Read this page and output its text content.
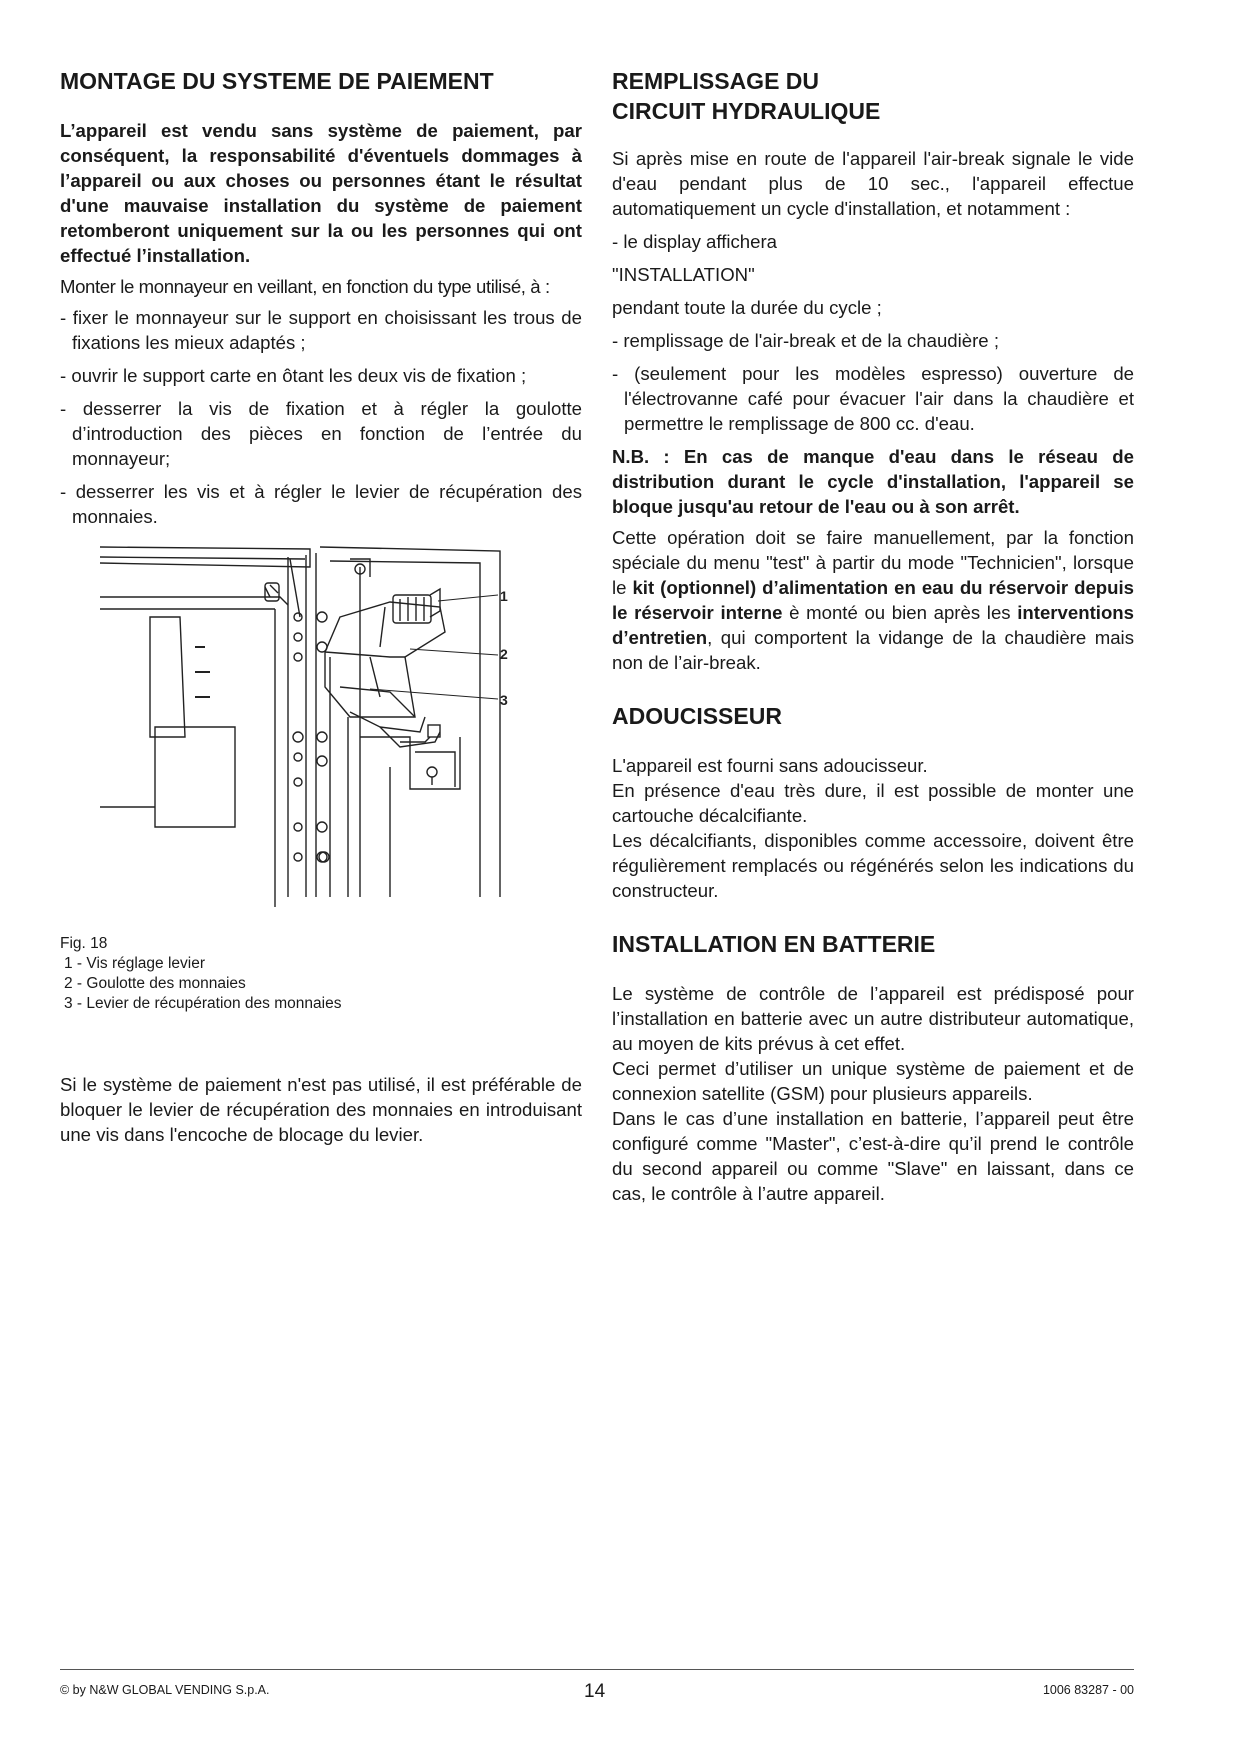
MONTAGE DU SYSTEME DE PAIEMENT

L’appareil est vendu sans système de paiement, par conséquent, la responsabilité d'éventuels dommages à l’appareil ou aux choses ou personnes étant le résultat d'une mauvaise installation du système de paiement retomberont uniquement sur la ou les personnes qui ont effectué l’installation.

Monter le monnayeur en veillant, en fonction du type utilisé, à :

- fixer le monnayeur sur le support en choisissant les trous de fixations les mieux adaptés ;
- ouvrir le support carte en ôtant les deux vis de fixation ;
- desserrer la vis de fixation et à régler la goulotte d’introduction des pièces en fonction de l’entrée du monnayeur;
- desserrer les vis et à régler le levier de récupération des monnaies.
1
2
3
Fig. 18
1 - Vis réglage levier
2 - Goulotte des monnaies
3 - Levier de récupération des monnaies

Si le système de paiement n'est pas utilisé, il est préférable de bloquer le levier de récupération des monnaies en introduisant une vis dans l'encoche de blocage du levier.

REMPLISSAGE DU
CIRCUIT HYDRAULIQUE

Si après mise en route de l'appareil l'air-break signale le vide d'eau pendant plus de 10 sec., l'appareil effectue automatiquement un cycle d'installation, et notamment :

- le display affichera

"INSTALLATION"

pendant toute la durée du cycle ;

- remplissage de l'air-break et de la chaudière ;

- (seulement pour les modèles espresso) ouverture de l'électrovanne café pour évacuer l'air dans la chaudière et permettre le remplissage de 800 cc. d'eau.

N.B. : En cas de manque d'eau dans le réseau de distribution durant le cycle d'installation, l'appareil se bloque jusqu'au retour de l'eau ou à son arrêt.

Cette opération doit se faire manuellement, par la fonction spéciale du menu "test" à partir du mode "Technicien", lorsque le kit (optionnel) d’alimentation en eau du réservoir depuis le réservoir interne è monté ou bien après les interventions d’entretien, qui comportent la vidange de la chaudière mais non de l’air-break.

ADOUCISSEUR

L'appareil est fourni sans adoucisseur.

En présence d'eau très dure, il est possible de monter une cartouche décalcifiante.

Les décalcifiants, disponibles comme accessoire, doivent être régulièrement remplacés ou régénérés selon les indications du constructeur.

INSTALLATION EN BATTERIE

Le système de contrôle de l’appareil est prédisposé pour l’installation en batterie avec un autre distributeur automatique, au moyen de kits prévus à cet effet.

Ceci permet d’utiliser un unique système de paiement et de connexion satellite (GSM) pour plusieurs appareils.

Dans le cas d’une installation en batterie, l’appareil peut être configuré comme "Master", c’est-à-dire qu’il prend le contrôle du second appareil ou comme "Slave" en laissant, dans ce cas, le contrôle à l’autre appareil.

© by N&W GLOBAL VENDING S.p.A.	14	1006 83287 - 00
